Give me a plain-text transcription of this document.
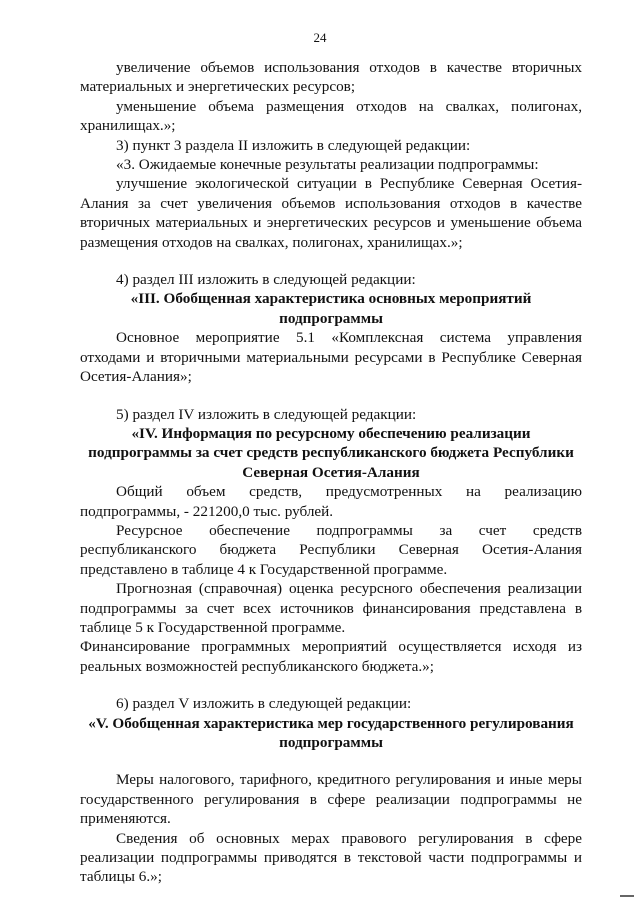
24

увеличение объемов использования отходов в качестве вторичных материальных и энергетических ресурсов;

уменьшение объема размещения отходов на свалках, полигонах, хранилищах.»;

3) пункт 3 раздела II изложить в следующей редакции:

«3. Ожидаемые конечные результаты реализации подпрограммы:

улучшение экологической ситуации в Республике Северная Осетия-Алания за счет увеличения объемов использования отходов в качестве вторичных материальных и энергетических ресурсов и уменьшение объема размещения отходов на свалках, полигонах, хранилищах.»;

4) раздел III изложить в следующей редакции:

«III. Обобщенная характеристика основных мероприятий подпрограммы

Основное мероприятие 5.1 «Комплексная система управления отходами и вторичными материальными ресурсами в Республике Северная Осетия-Алания»;

5) раздел IV изложить в следующей редакции:

«IV. Информация по ресурсному обеспечению реализации подпрограммы за счет средств республиканского бюджета Республики Северная Осетия-Алания

Общий объем средств, предусмотренных на реализацию подпрограммы, - 221200,0 тыс. рублей.

Ресурсное обеспечение подпрограммы за счет средств республиканского бюджета Республики Северная Осетия-Алания представлено в таблице 4 к Государственной программе.

Прогнозная (справочная) оценка ресурсного обеспечения реализации подпрограммы за счет всех источников финансирования представлена в таблице 5 к Государственной программе.

Финансирование программных мероприятий осуществляется исходя из реальных возможностей республиканского бюджета.»;

6) раздел V изложить в следующей редакции:

«V. Обобщенная характеристика мер государственного регулирования подпрограммы

Меры налогового, тарифного, кредитного регулирования и иные меры государственного регулирования в сфере реализации подпрограммы не применяются.

Сведения об основных мерах правового регулирования в сфере реализации подпрограммы приводятся в текстовой части подпрограммы и таблицы 6.»;
